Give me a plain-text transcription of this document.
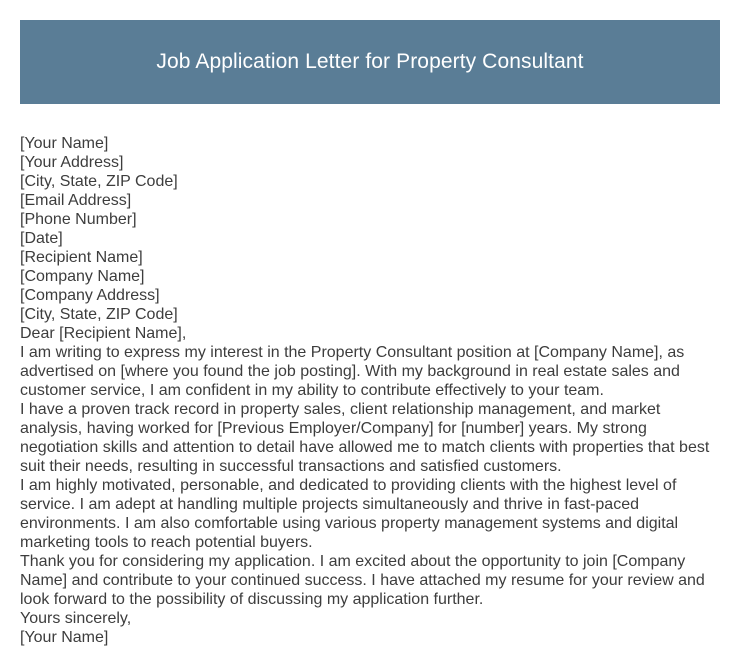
Job Application Letter for Property Consultant
[Your Name]
[Your Address]
[City, State, ZIP Code]
[Email Address]
[Phone Number]
[Date]
[Recipient Name]
[Company Name]
[Company Address]
[City, State, ZIP Code]
Dear [Recipient Name],
I am writing to express my interest in the Property Consultant position at [Company Name], as advertised on [where you found the job posting]. With my background in real estate sales and customer service, I am confident in my ability to contribute effectively to your team.
I have a proven track record in property sales, client relationship management, and market analysis, having worked for [Previous Employer/Company] for [number] years. My strong negotiation skills and attention to detail have allowed me to match clients with properties that best suit their needs, resulting in successful transactions and satisfied customers.
I am highly motivated, personable, and dedicated to providing clients with the highest level of service. I am adept at handling multiple projects simultaneously and thrive in fast-paced environments. I am also comfortable using various property management systems and digital marketing tools to reach potential buyers.
Thank you for considering my application. I am excited about the opportunity to join [Company Name] and contribute to your continued success. I have attached my resume for your review and look forward to the possibility of discussing my application further.
Yours sincerely,
[Your Name]
